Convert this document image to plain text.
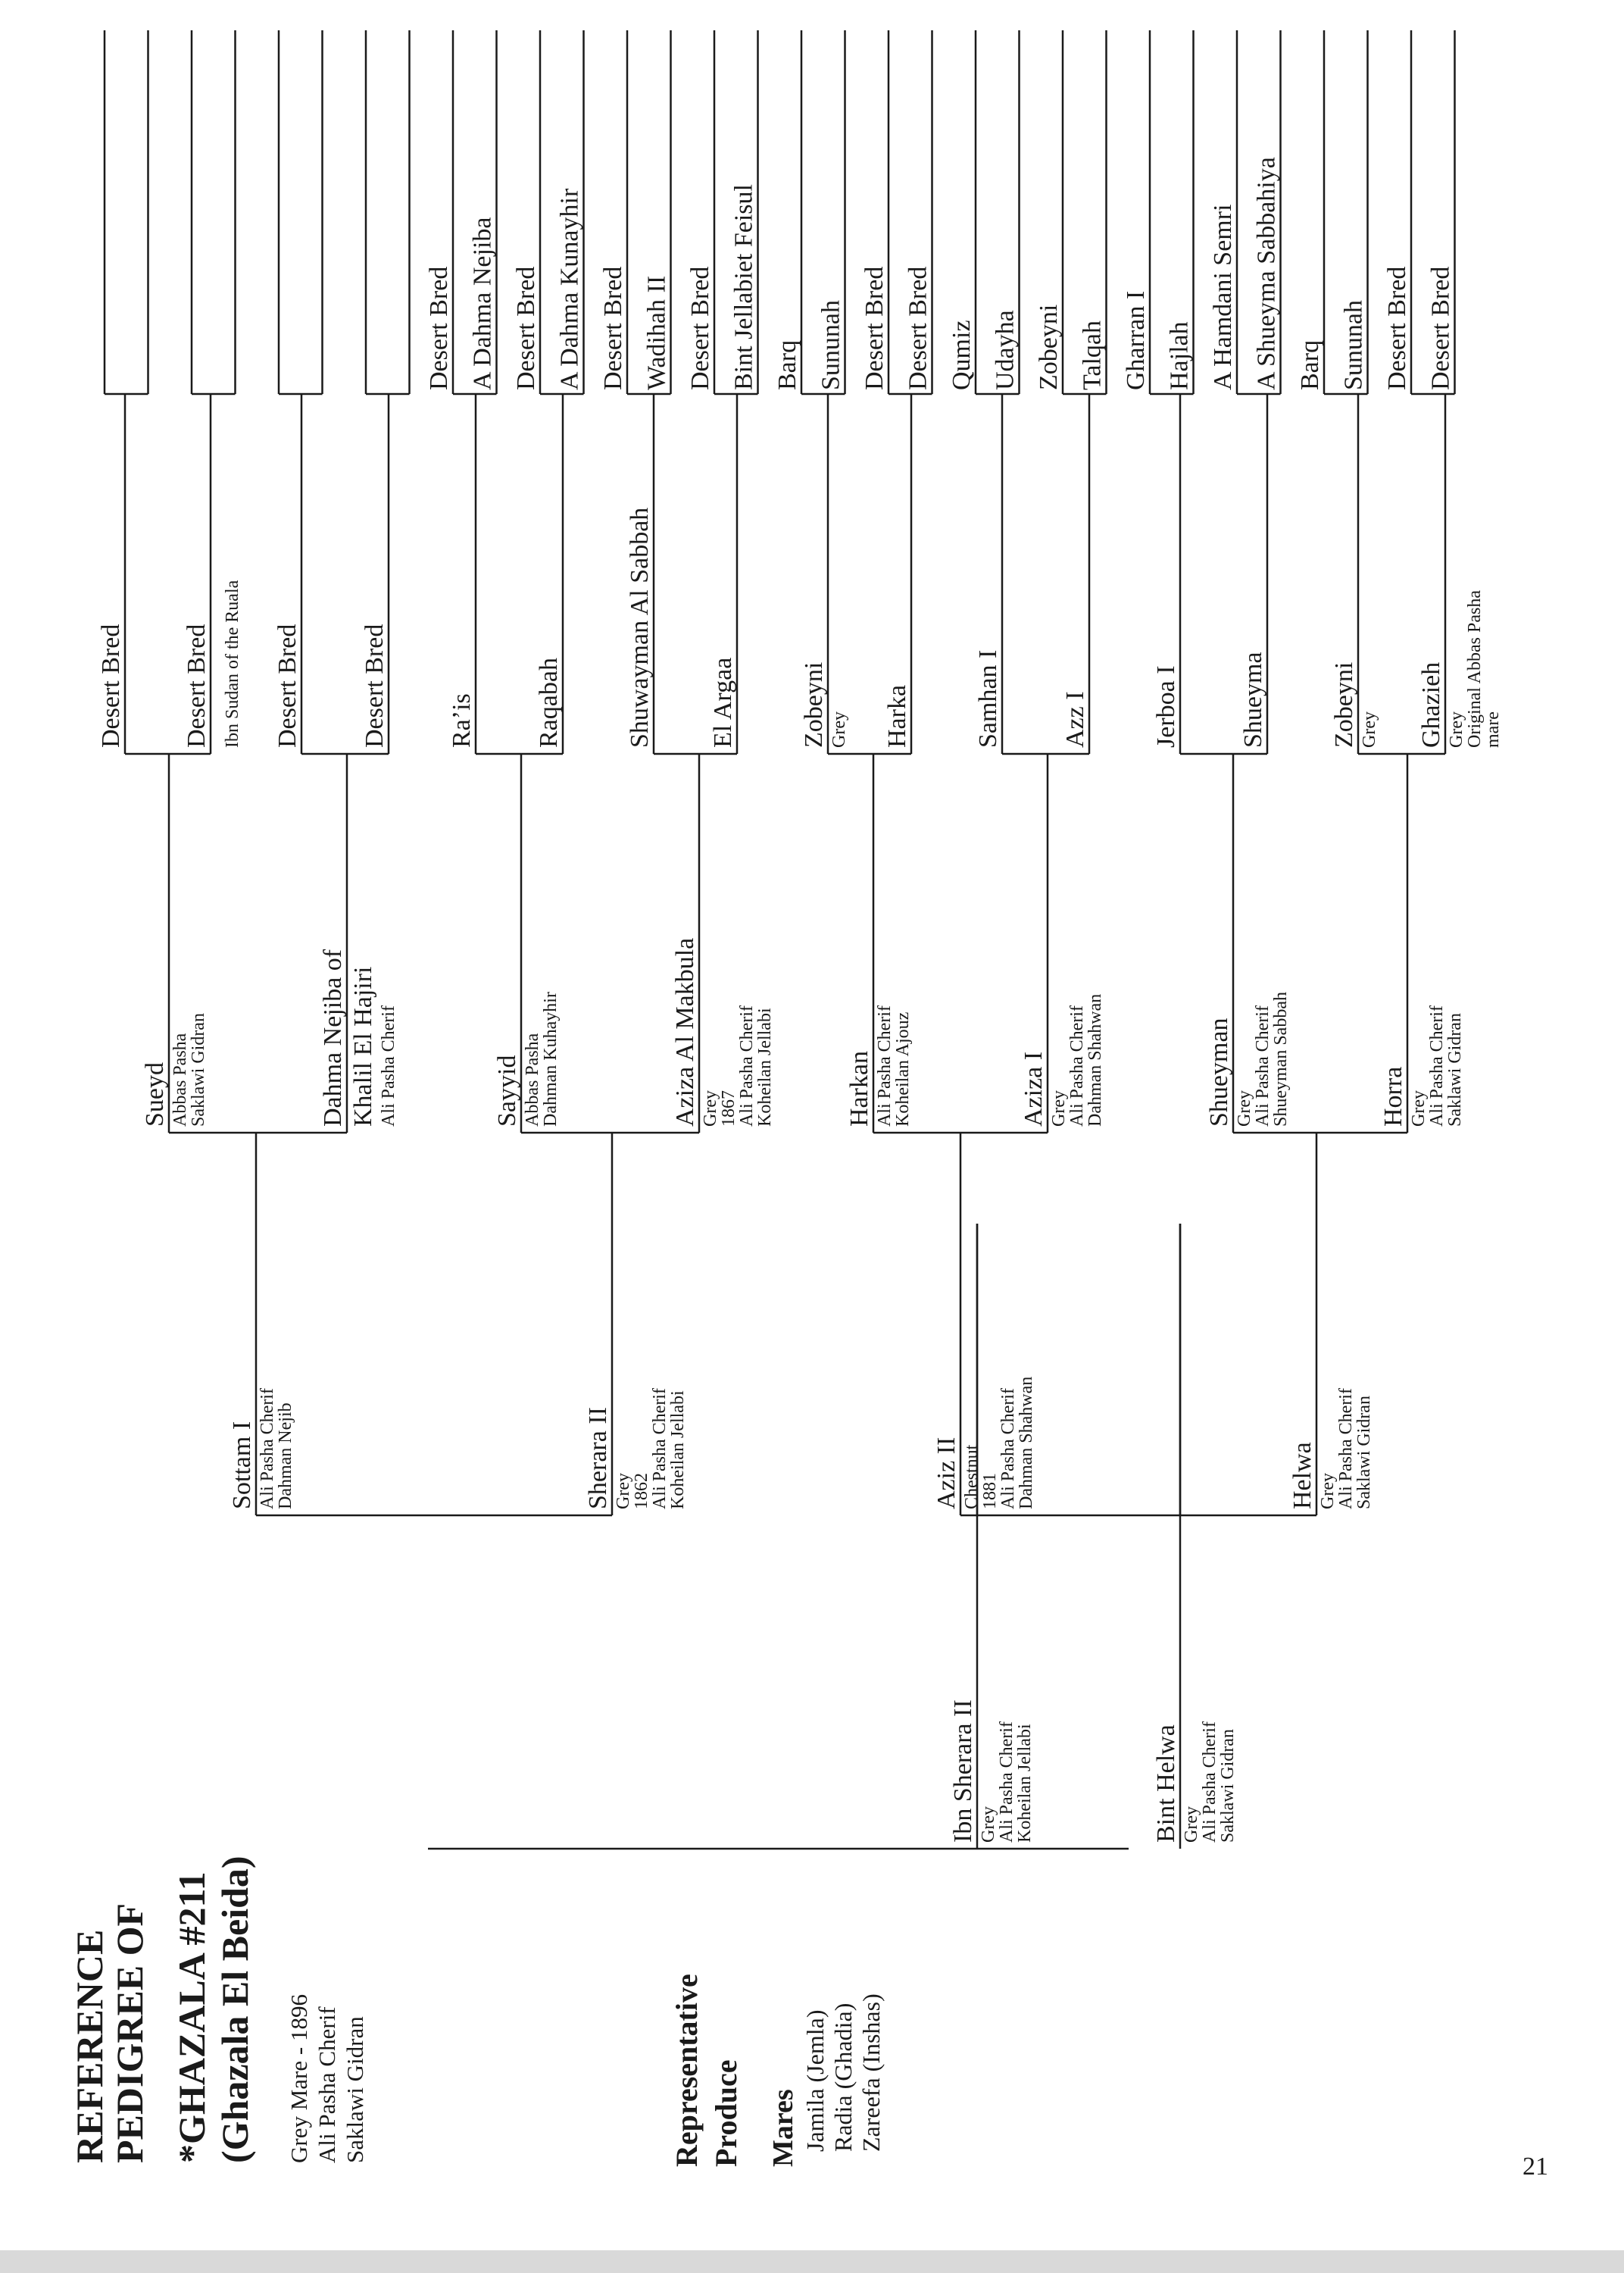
REFERENCE
PEDIGREE OF *GHAZALA #211 (Ghazala El Beida) Grey Mare - 1896 Ali Pasha Cherif Saklawi Gidran	Representative Produce Mares Jamila (Jemla) Radia (Ghadia) Zareefa (Inshas)
Ibn Sherara II Grey
Ali Pasha Cherif
Koheilan Jellabi	Bint Helwa Grey
Ali Pasha Cherif
Saklawi Gidran
Sottam I Ali Pasha Cherif
Dahman Nejib	Sherara II Grey
1862
Ali Pasha Cherif
Koheilan Jellabi	Aziz II Chestnut
1881
Ali Pasha Cherif
Dahman Shahwan	Helwa Grey
Ali Pasha Cherif
Saklawi Gidran
Sueyd Abbas Pasha
Saklawi Gidran	Dahma Nejiba of Khalil El Hajiri Ali Pasha Cherif	Sayyid Abbas Pasha
Dahman Kuhayhir	Aziza Al Makbula Grey
1867
Ali Pasha Cherif
Koheilan Jellabi	Harkan Ali Pasha Cherif
Koheilan Ajouz	Aziza I Grey
Ali Pasha Cherif
Dahman Shahwan	Shueyman Grey
Ali Pasha Cherif
Shueyman Sabbah	Horra Grey
Ali Pasha Cherif
Saklawi Gidran
Desert Bred Desert Bred Ibn Sudan of the Ruala Desert Bred Desert Bred Ra’is Raqabah Shuwayman Al Sabbah El Argaa Zobeyni Grey Harka Samhan I Azz I Jerboa I Shueyma Zobeyni Grey Ghazieh Grey
Original Abbas Pasha
mare
Desert Bred A Dahma Nejiba Desert Bred A Dahma Kunayhir Desert Bred Wadihah II Desert Bred Bint Jellabiet Feisul Barq Sununah Desert Bred Desert Bred Qumiz Udayha Zobeyni Talqah Gharran I Hajlah A Hamdani Semri A Shueyma Sabbahiya Barq Sununah Desert Bred Desert Bred
21
